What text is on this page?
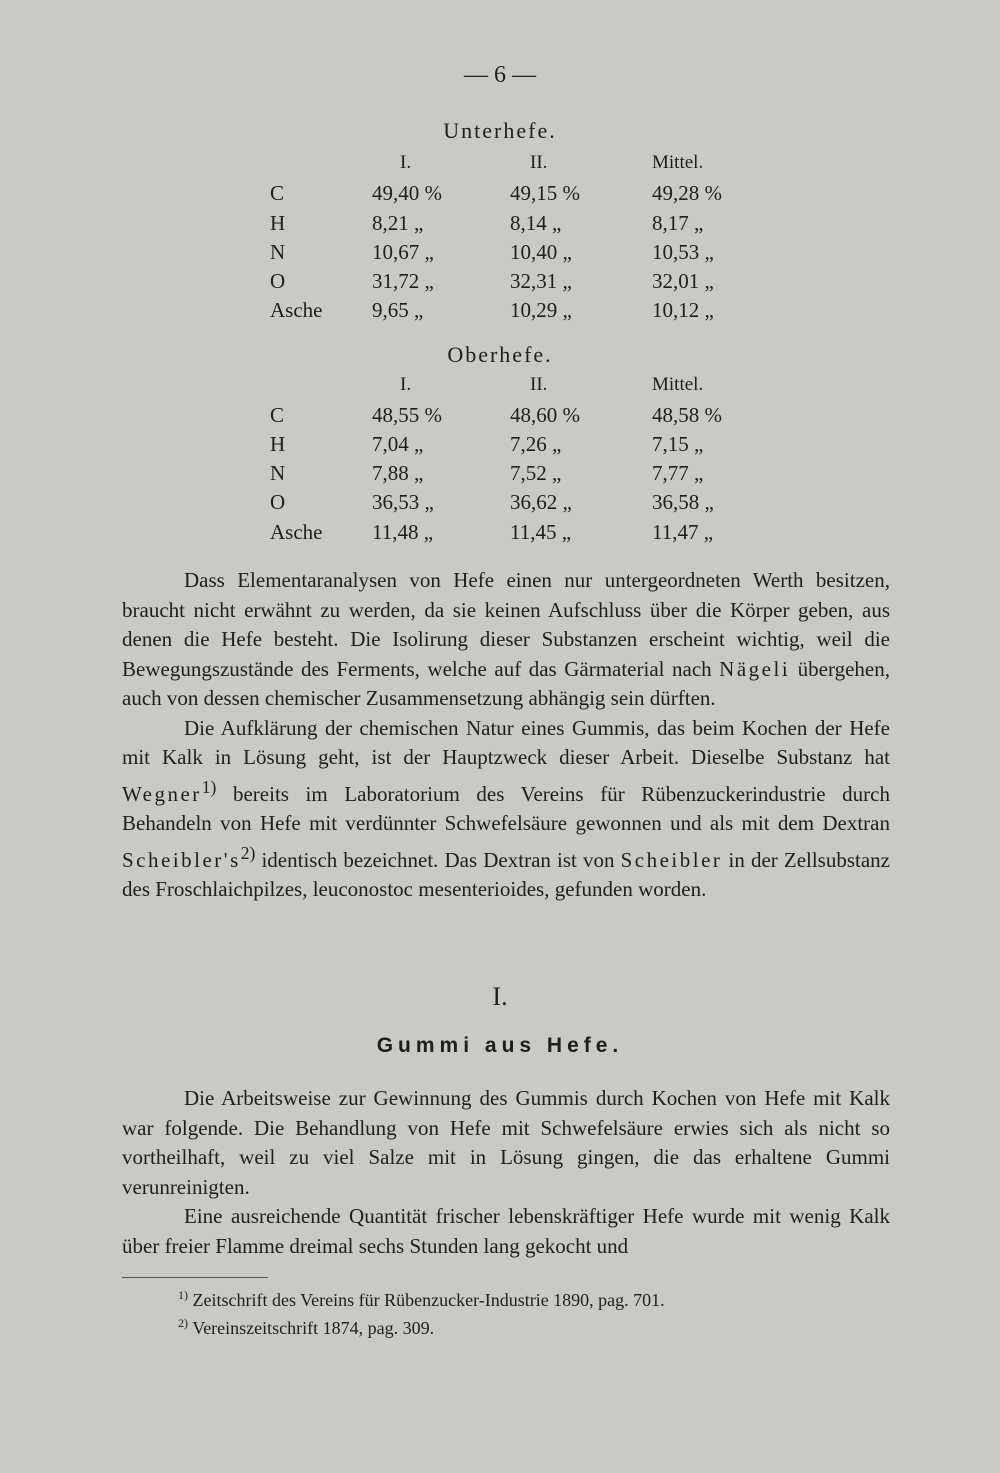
— 6 —
Unterhefe.
I.	II.	Mittel.
C	49,40 %	49,15 %	49,28 %
H	8,21 „	8,14 „	8,17 „
N	10,67 „	10,40 „	10,53 „
O	31,72 „	32,31 „	32,01 „
Asche 9,65 „	10,29 „	10,12 „
Oberhefe.
I.	II.	Mittel.
C	48,55 %	48,60 %	48,58 %
H	7,04 „	7,26 „	7,15 „
N	7,88 „	7,52 „	7,77 „
O	36,53 „	36,62 „	36,58 „
Asche 11,48 „	11,45 „	11,47 „

Dass Elementaranalysen von Hefe einen nur untergeordneten Werth besitzen, braucht nicht erwähnt zu werden, da sie keinen Aufschluss über die Körper geben, aus denen die Hefe besteht. Die Isolirung dieser Substanzen erscheint wichtig, weil die Bewegungszustände des Ferments, welche auf das Gärmaterial nach Nägeli übergehen, auch von dessen chemischer Zusammensetzung abhängig sein dürften.

Die Aufklärung der chemischen Natur eines Gummis, das beim Kochen der Hefe mit Kalk in Lösung geht, ist der Hauptzweck dieser Arbeit. Dieselbe Substanz hat Wegner$^{1)}$ bereits im Laboratorium des Vereins für Rübenzuckerindustrie durch Behandeln von Hefe mit verdünnter Schwefelsäure gewonnen und als mit dem Dextran $Scheibler's^{2)}$ identisch bezeichnet. Das Dextran ist von Scheibler in der Zellsubstanz des Froschlaichpilzes, leuconostoc mesenterioides, gefunden worden.

I.
Gummi aus Hefe.

Die Arbeitsweise zur Gewinnung des Gummis durch Kochen von Hefe mit Kalk war folgende. Die Behandlung von Hefe mit Schwefelsäure erwies sich als nicht so vortheilhaft, weil zu viel Salze mit in Lösung gingen, die das erhaltene Gummi verunreinigten.

Eine ausreichende Quantität frischer lebenskräftiger Hefe wurde mit wenig Kalk über freier Flamme dreimal sechs Stunden lang gekocht und

$^{1)}$ Zeitschrift des Vereins für Rübenzucker-Industrie 1890, pag. 701.
$^{2)}$ Vereinszeitschrift 1874, pag. 309.
